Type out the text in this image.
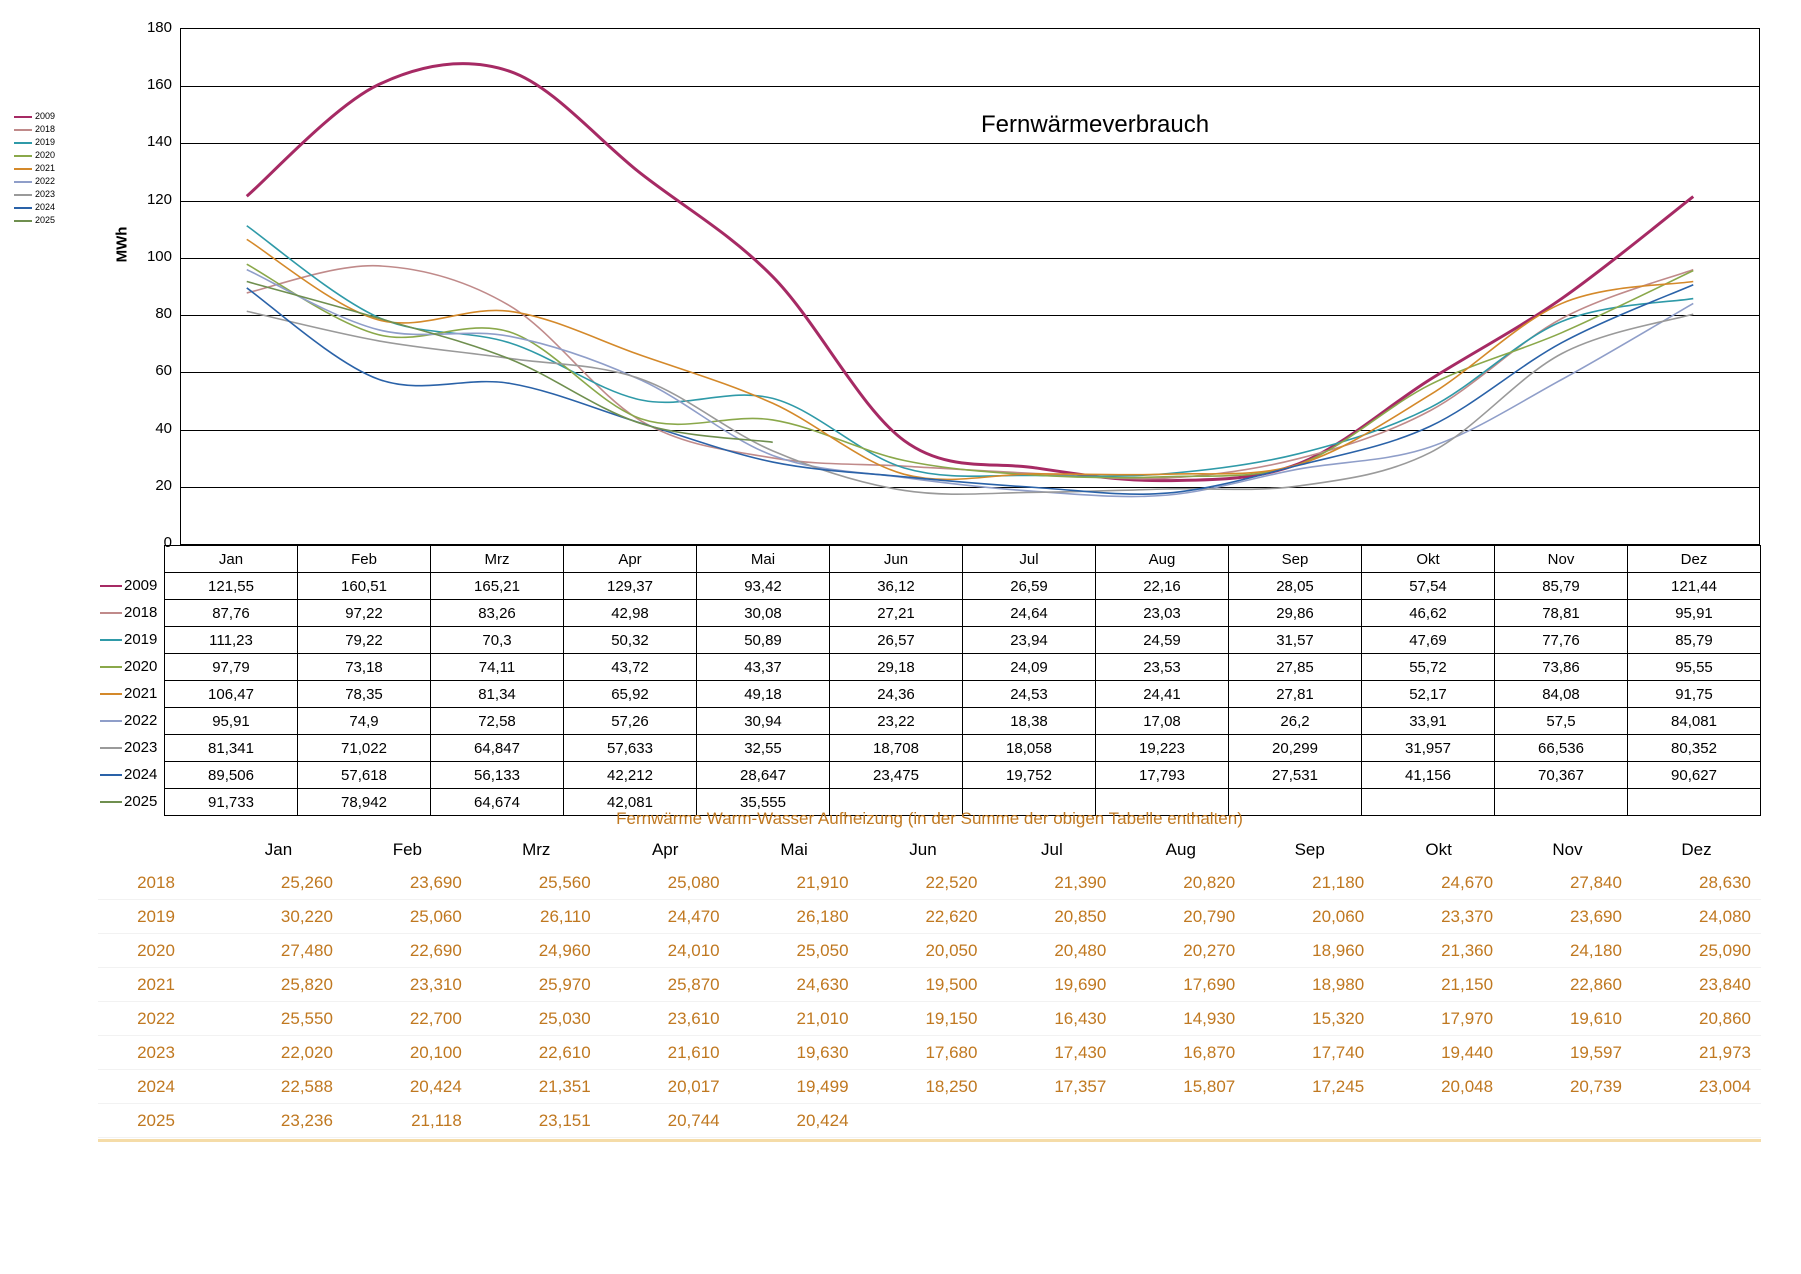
2009
2018
2019
2020
2021
2022
2023
2024
2025
MWh
Fernwärmeverbrauch
0
20
40
60
80
100
120
140
160
180
	Jan	Feb	Mrz	Apr	Mai	Jun	Jul	Aug	Sep	Okt	Nov	Dez

2009	121,55	160,51	165,21	129,37	93,42	36,12	26,59	22,16	28,05	57,54	85,79	121,44

2018	87,76	97,22	83,26	42,98	30,08	27,21	24,64	23,03	29,86	46,62	78,81	95,91

2019	111,23	79,22	70,3	50,32	50,89	26,57	23,94	24,59	31,57	47,69	77,76	85,79

2020	97,79	73,18	74,11	43,72	43,37	29,18	24,09	23,53	27,85	55,72	73,86	95,55

2021	106,47	78,35	81,34	65,92	49,18	24,36	24,53	24,41	27,81	52,17	84,08	91,75

2022	95,91	74,9	72,58	57,26	30,94	23,22	18,38	17,08	26,2	33,91	57,5	84,081

2023	81,341	71,022	64,847	57,633	32,55	18,708	18,058	19,223	20,299	31,957	66,536	80,352

2024	89,506	57,618	56,133	42,212	28,647	23,475	19,752	17,793	27,531	41,156	70,367	90,627

2025	91,733	78,942	64,674	42,081	35,555							
Fernwärme Warm-Wasser Aufheizung (in der Summe der obigen Tabelle enthalten)												
	Jan	Feb	Mrz	Apr	Mai	Jun	Jul	Aug	Sep	Okt	Nov	Dez
2018	25,260	23,690	25,560	25,080	21,910	22,520	21,390	20,820	21,180	24,670	27,840	28,630
2019	30,220	25,060	26,110	24,470	26,180	22,620	20,850	20,790	20,060	23,370	23,690	24,080
2020	27,480	22,690	24,960	24,010	25,050	20,050	20,480	20,270	18,960	21,360	24,180	25,090
2021	25,820	23,310	25,970	25,870	24,630	19,500	19,690	17,690	18,980	21,150	22,860	23,840
2022	25,550	22,700	25,030	23,610	21,010	19,150	16,430	14,930	15,320	17,970	19,610	20,860
2023	22,020	20,100	22,610	21,610	19,630	17,680	17,430	16,870	17,740	19,440	19,597	21,973
2024	22,588	20,424	21,351	20,017	19,499	18,250	17,357	15,807	17,245	20,048	20,739	23,004
2025	23,236	21,118	23,151	20,744	20,424							
